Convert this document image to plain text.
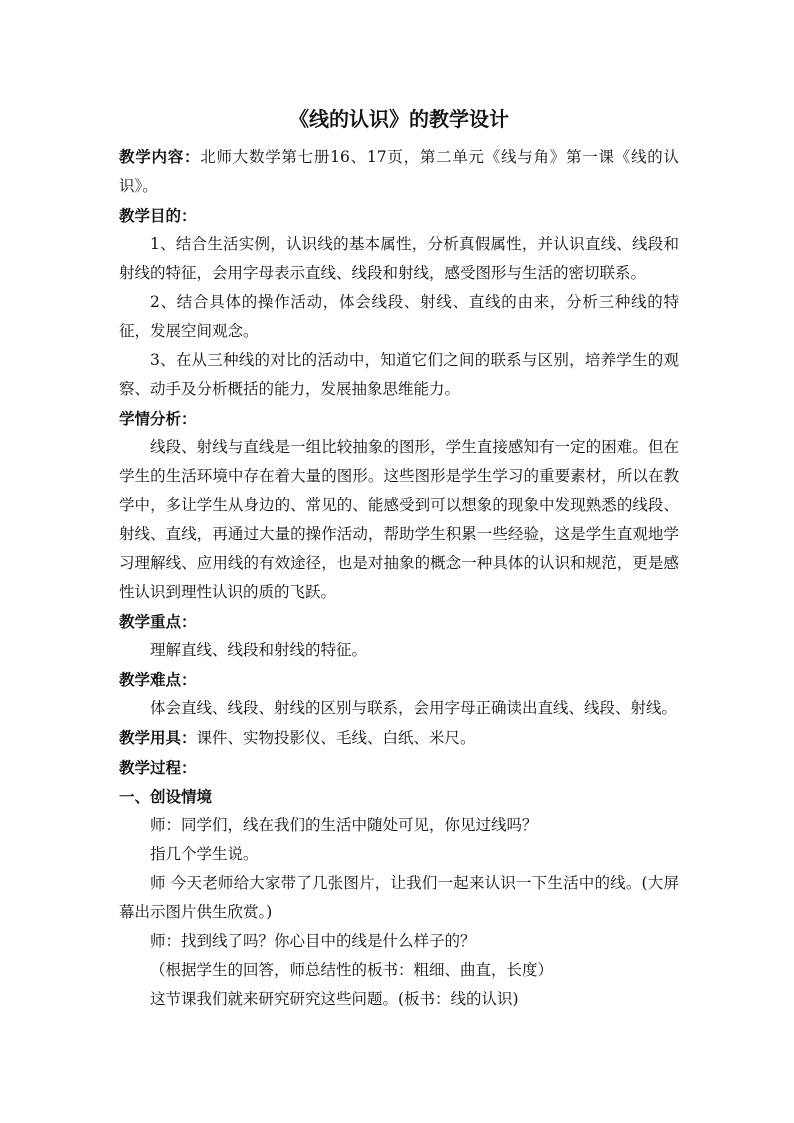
《线的认识》的教学设计

教学内容：北师大数学第七册16、17页，第二单元《线与角》第一课《线的认识》。

教学目的：

1、结合生活实例，认识线的基本属性，分析真假属性，并认识直线、线段和射线的特征，会用字母表示直线、线段和射线，感受图形与生活的密切联系。

2、结合具体的操作活动，体会线段、射线、直线的由来，分析三种线的特征，发展空间观念。

3、在从三种线的对比的活动中，知道它们之间的联系与区别，培养学生的观察、动手及分析概括的能力，发展抽象思维能力。

学情分析：

线段、射线与直线是一组比较抽象的图形，学生直接感知有一定的困难。但在学生的生活环境中存在着大量的图形。这些图形是学生学习的重要素材，所以在教学中，多让学生从身边的、常见的、能感受到可以想象的现象中发现熟悉的线段、射线、直线，再通过大量的操作活动，帮助学生积累一些经验，这是学生直观地学习理解线、应用线的有效途径，也是对抽象的概念一种具体的认识和规范，更是感性认识到理性认识的质的飞跃。

教学重点：

理解直线、线段和射线的特征。

教学难点：

体会直线、线段、射线的区别与联系，会用字母正确读出直线、线段、射线。

教学用具：课件、实物投影仪、毛线、白纸、米尺。

教学过程：

一、创设情境

师：同学们，线在我们的生活中随处可见，你见过线吗？

指几个学生说。

师 今天老师给大家带了几张图片，让我们一起来认识一下生活中的线。(大屏幕出示图片供生欣赏。)

师：找到线了吗？你心目中的线是什么样子的？

（根据学生的回答，师总结性的板书：粗细、曲直，长度）

这节课我们就来研究研究这些问题。(板书：线的认识)
